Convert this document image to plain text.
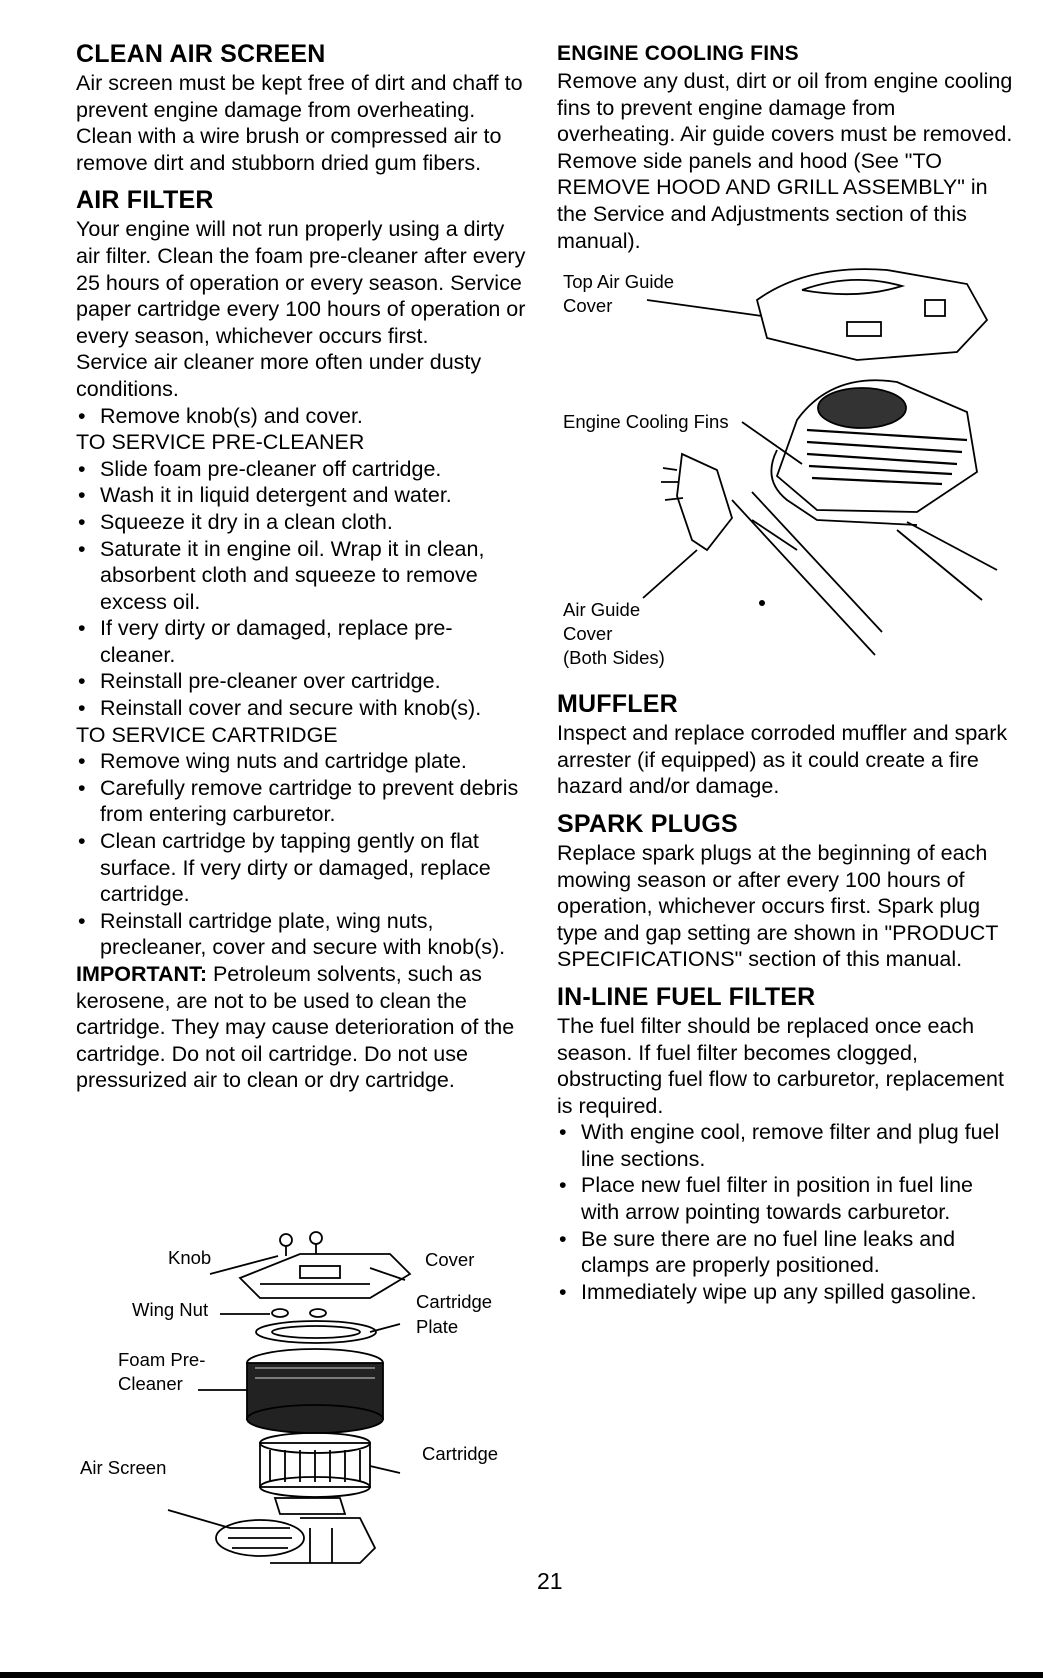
CLEAN AIR SCREEN

Air screen must be kept free of dirt and chaff to prevent engine damage from overheating. Clean with a wire brush or compressed air to remove dirt and stubborn dried gum fibers.

AIR FILTER

Your engine will not run properly using a dirty air filter. Clean the foam pre-cleaner after every 25 hours of operation or every season. Service paper cartridge every 100 hours of operation or every season, whichever occurs first.

Service air cleaner more often under dusty conditions.

• Remove knob(s) and cover.
TO SERVICE PRE-CLEANER
• Slide foam pre-cleaner off cartridge.
• Wash it in liquid detergent and water.
• Squeeze it dry in a clean cloth.
• Saturate it in engine oil. Wrap it in clean, absorbent cloth and squeeze to remove excess oil.
• If very dirty or damaged, replace pre-cleaner.
• Reinstall pre-cleaner over cartridge.
• Reinstall cover and secure with knob(s).
TO SERVICE CARTRIDGE
• Remove wing nuts and cartridge plate.
• Carefully remove cartridge to prevent debris from entering carburetor.
• Clean cartridge by tapping gently on flat surface. If very dirty or damaged, replace cartridge.
• Reinstall cartridge plate, wing nuts, precleaner, cover and secure with knob(s).

IMPORTANT: Petroleum solvents, such as kerosene, are not to be used to clean the cartridge. They may cause deterioration of the cartridge. Do not oil cartridge. Do not use pressurized air to clean or dry cartridge.

Knob	Cover
Wing Nut	Cartridge
Plate
Foam Pre-
Cleaner
Cartridge
Air Screen
ENGINE COOLING FINS

Remove any dust, dirt or oil from engine cooling fins to prevent engine damage from overheating. Air guide covers must be removed. Remove side panels and hood (See "TO REMOVE HOOD AND GRILL ASSEMBLY" in the Service and Adjustments section of this manual).

Top Air Guide
Cover
Engine Cooling Fins
Air Guide
Cover
(Both Sides)
MUFFLER

Inspect and replace corroded muffler and spark arrester (if equipped) as it could create a fire hazard and/or damage.

SPARK PLUGS

Replace spark plugs at the beginning of each mowing season or after every 100 hours of operation, whichever occurs first. Spark plug type and gap setting are shown in "PRODUCT SPECIFICATIONS" section of this manual.

IN-LINE FUEL FILTER

The fuel filter should be replaced once each season. If fuel filter becomes clogged, obstructing fuel flow to carburetor, replacement is required.

• With engine cool, remove filter and plug fuel line sections.
• Place new fuel filter in position in fuel line with arrow pointing towards carburetor.
• Be sure there are no fuel line leaks and clamps are properly positioned.
• Immediately wipe up any spilled gasoline.
21
